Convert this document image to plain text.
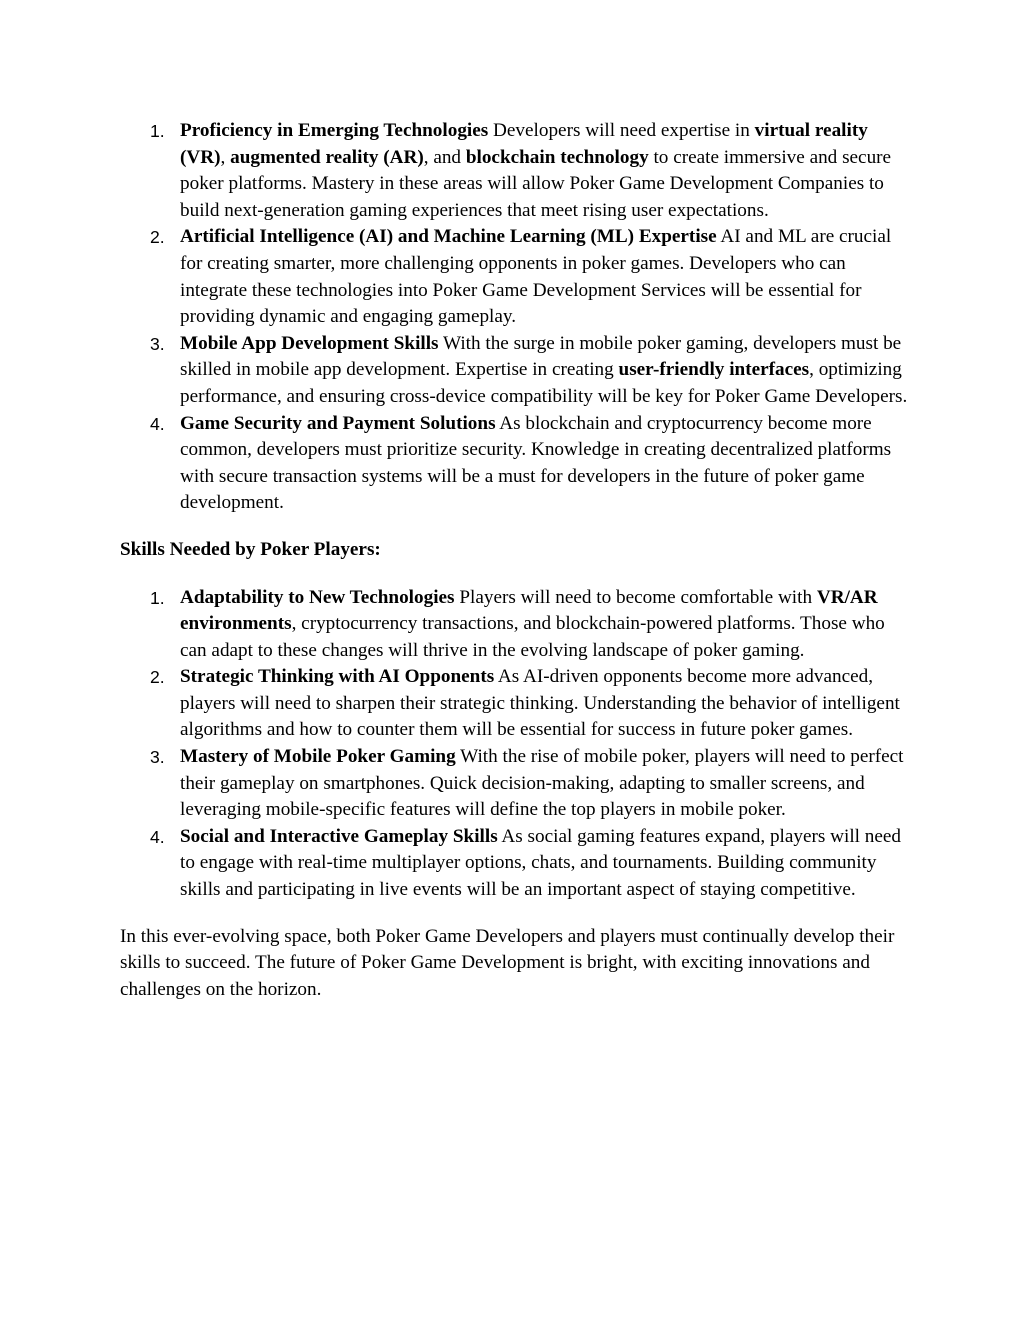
1. Proficiency in Emerging Technologies Developers will need expertise in virtual reality (VR), augmented reality (AR), and blockchain technology to create immersive and secure poker platforms. Mastery in these areas will allow Poker Game Development Companies to build next-generation gaming experiences that meet rising user expectations.
2. Artificial Intelligence (AI) and Machine Learning (ML) Expertise AI and ML are crucial for creating smarter, more challenging opponents in poker games. Developers who can integrate these technologies into Poker Game Development Services will be essential for providing dynamic and engaging gameplay.
3. Mobile App Development Skills With the surge in mobile poker gaming, developers must be skilled in mobile app development. Expertise in creating user-friendly interfaces, optimizing performance, and ensuring cross-device compatibility will be key for Poker Game Developers.
4. Game Security and Payment Solutions As blockchain and cryptocurrency become more common, developers must prioritize security. Knowledge in creating decentralized platforms with secure transaction systems will be a must for developers in the future of poker game development.

Skills Needed by Poker Players:

1. Adaptability to New Technologies Players will need to become comfortable with VR/AR environments, cryptocurrency transactions, and blockchain-powered platforms. Those who can adapt to these changes will thrive in the evolving landscape of poker gaming.
2. Strategic Thinking with AI Opponents As AI-driven opponents become more advanced, players will need to sharpen their strategic thinking. Understanding the behavior of intelligent algorithms and how to counter them will be essential for success in future poker games.
3. Mastery of Mobile Poker Gaming With the rise of mobile poker, players will need to perfect their gameplay on smartphones. Quick decision-making, adapting to smaller screens, and leveraging mobile-specific features will define the top players in mobile poker.
4. Social and Interactive Gameplay Skills As social gaming features expand, players will need to engage with real-time multiplayer options, chats, and tournaments. Building community skills and participating in live events will be an important aspect of staying competitive.

In this ever-evolving space, both Poker Game Developers and players must continually develop their skills to succeed. The future of Poker Game Development is bright, with exciting innovations and challenges on the horizon.
